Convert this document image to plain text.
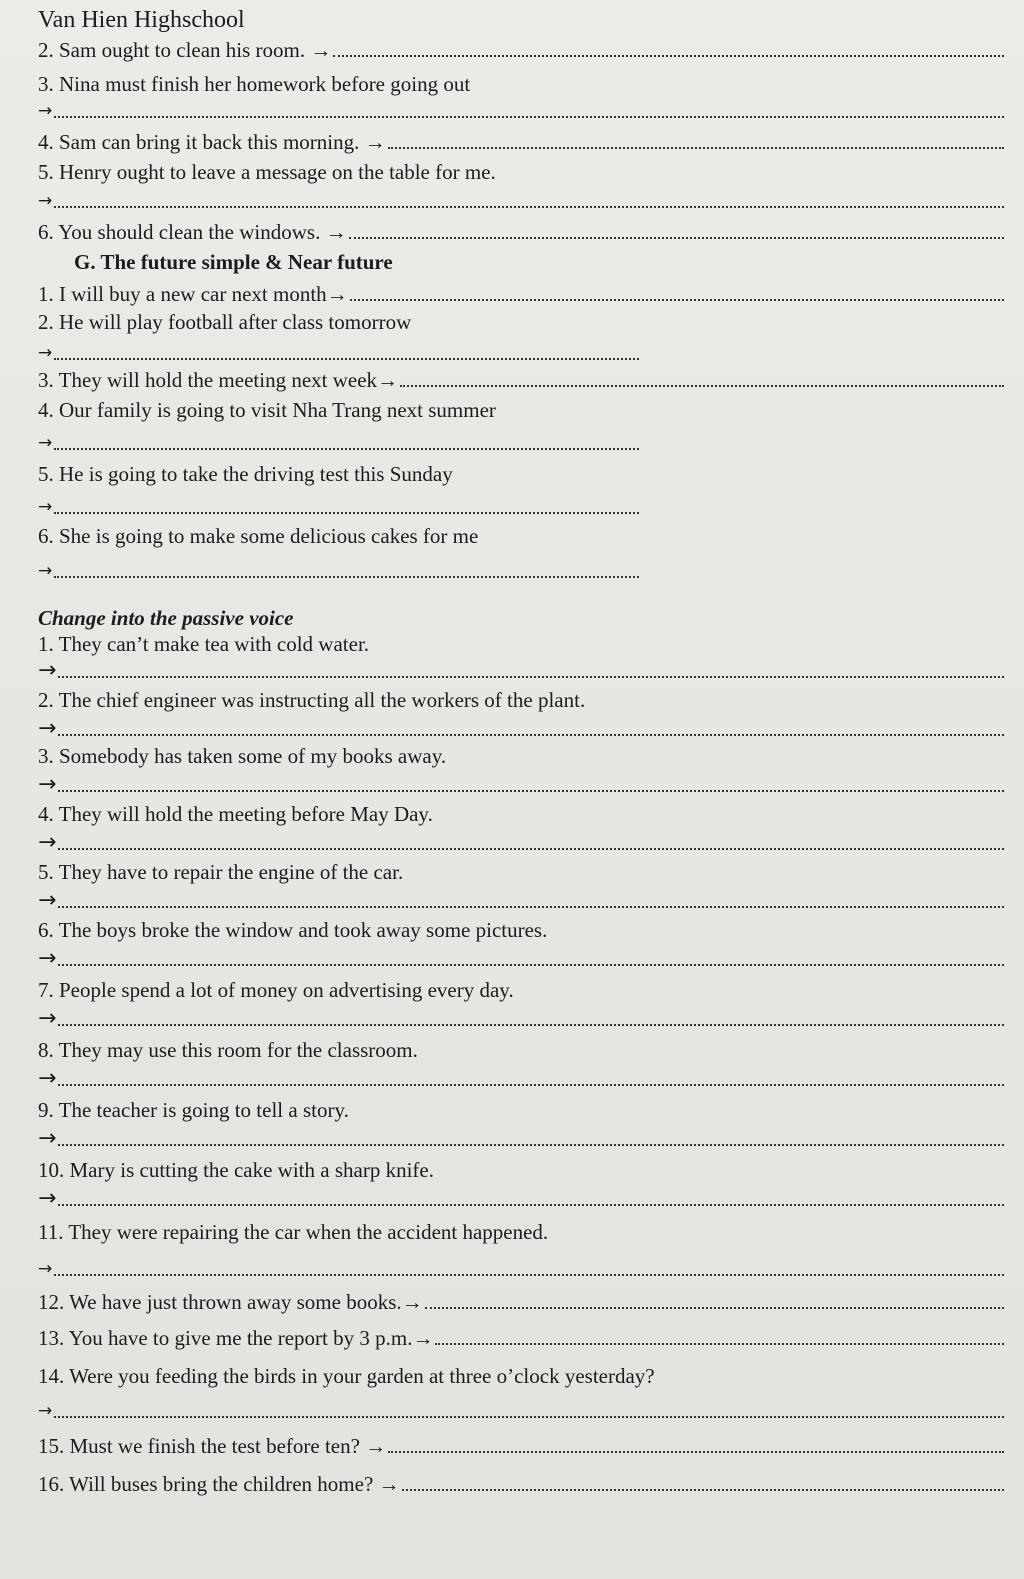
Van Hien Highschool
2. Sam ought to clean his room. →
3. Nina must finish her homework before going out
→
4. Sam can bring it back this morning. →
5. Henry ought to leave a message on the table for me.
→
6. You should clean the windows. →
G. The future simple & Near future
1. I will buy a new car next month→
2. He will play football after class tomorrow
→
3. They will hold the meeting next week→
4. Our family is going to visit Nha Trang next summer
→
5. He is going to take the driving test this Sunday
→
6. She is going to make some delicious cakes for me
→
Change into the passive voice
1. They can’t make tea with cold water.
→
2. The chief engineer was instructing all the workers of the plant.
→
3. Somebody has taken some of my books away.
→
4. They will hold the meeting before May Day.
→
5. They have to repair the engine of the car.
→
6. The boys broke the window and took away some pictures.
→
7. People spend a lot of money on advertising every day.
→
8. They may use this room for the classroom.
→
9. The teacher is going to tell a story.
→
10. Mary is cutting the cake with a sharp knife.
→
11. They were repairing the car when the accident happened.
→
12. We have just thrown away some books.→
13. You have to give me the report by 3 p.m.→
14. Were you feeding the birds in your garden at three o’clock yesterday?
→
15. Must we finish the test before ten? →
16. Will buses bring the children home? →
